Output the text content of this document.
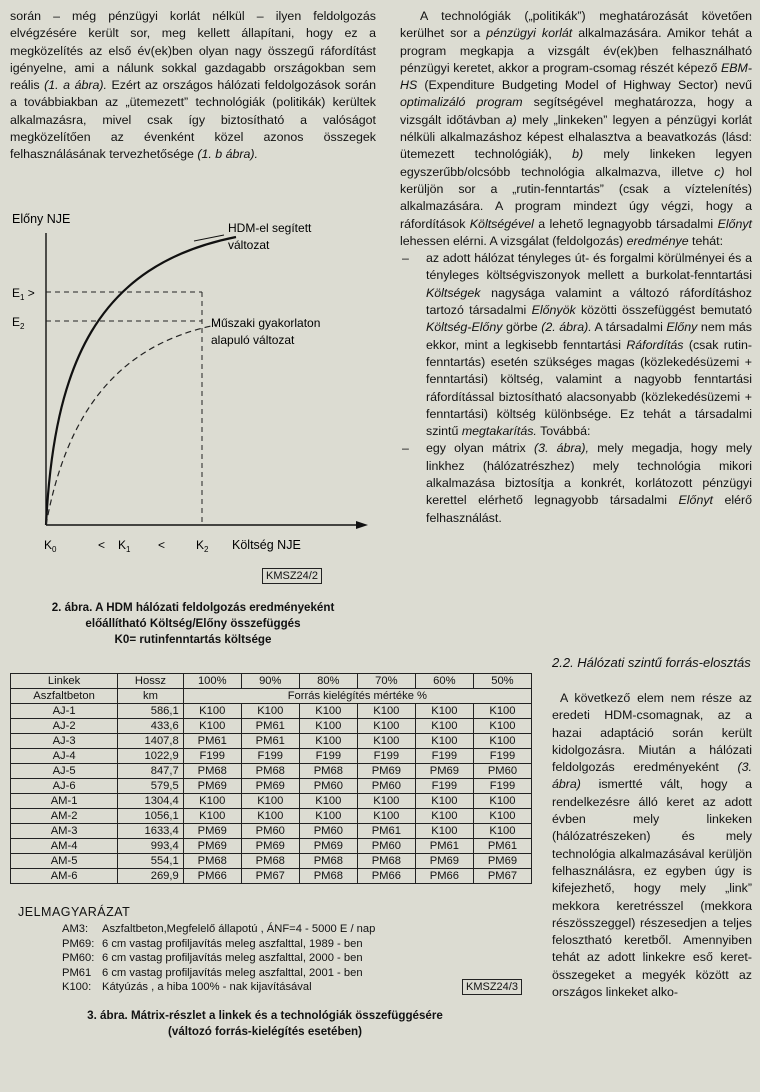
során – még pénzügyi korlát nélkül – ilyen feldolgozás elvégzésére került sor, meg kellett állapítani, hogy ez a megközelítés az első év(ek)ben olyan nagy összegű ráfordítást igényelne, ami a nálunk sokkal gazdagabb országokban sem reális (1. a ábra). Ezért az országos hálózati feldolgozások során a továbbiakban az „ütemezett” technológiák (politikák) kerültek alkalmazásra, mivel csak így biztosítható a valóságot megközelítően az évenként közel azonos összegek felhasználásának tervezhetősége (1. b ábra).

Előny NJE
$E_1$ >
$E_2$
HDM-el segített
változat
Műszaki gyakorlaton
alapuló változat
$K_0$	< $K_1$ <	$K_2$ Költség NJE
KMSZ24/2

2. ábra. A HDM hálózati feldolgozás eredményeként
előállítható Költség/Előny összefüggés
K0= rutinfenntartás költsége

A technológiák („politikák”) meghatározását követően kerülhet sor a pénzügyi korlát alkalmazására. Amikor tehát a program megkapja a vizsgált év(ek)ben felhasználható pénzügyi keretet, akkor a program-csomag részét képező EBM-HS (Expenditure Budgeting Model of Highway Sector) nevű optimalizáló program segítségével meghatározza, hogy a vizsgált időtávban a) mely „linkeken” legyen a pénzügyi korlát nélküli alkalmazáshoz képest elhalasztva a beavatkozás (lásd: ütemezett technológiák), b) mely linkeken legyen egyszerűbb/olcsóbb technológia alkalmazva, illetve c) hol kerüljön sor a „rutin-fenntartás” (csak a víztelenítés) alkalmazására. A program mindezt úgy végzi, hogy a ráfordítások Költségével a lehető legnagyobb társadalmi Előnyt lehessen elérni. A vizsgálat (feldolgozás) eredménye tehát:

– az adott hálózat tényleges út- és forgalmi körülményei és a tényleges költségviszonyok mellett a burkolat-fenntartási Költségek nagysága valamint a változó ráfordításhoz tartozó társadalmi Előnyök közötti összefüggést bemutató Költség-Előny görbe (2. ábra). A társadalmi Előny nem más ekkor, mint a legkisebb fenntartási Ráfordítás (csak rutin-fenntartás) esetén szükséges magas (közlekedésüzemi + fenntartási) költség, valamint a nagyobb fenntartási ráfordítással biztosítható alacsonyabb (közlekedésüzemi + fenntartási) költség különbsége. Ez tehát a társadalmi szintű megtakarítás. Továbbá:
– egy olyan mátrix (3. ábra), mely megadja, hogy mely linkhez (hálózatrészhez) mely technológia mikori alkalmazása biztosítja a konkrét, korlátozott pénzügyi kerettel elérhető legnagyobb társadalmi Előnyt elérő felhasználást.

2.2. Hálózati szintű forrás-elosztás

A következő elem nem része az eredeti HDM-csomagnak, az a hazai adaptáció során került kidolgozásra. Miután a hálózati feldolgozás eredményeként (3. ábra) ismertté vált, hogy a rendelkezésre álló keret az adott évben mely linkeken (hálózatrészeken) és mely technológia alkalmazásával kerüljön felhasználásra, ez egyben úgy is kifejezhető, hogy mely „link” mekkora keretrésszel (mekkora részösszeggel) részesedjen a teljes felosztható keretből. Amennyiben tehát az adott linkekre eső keret-összegeket a megyék között az országos linkeket alko-

Linkek	Hossz	100%	90%	80%	70%	60%	50%
Aszfaltbeton	km	Forrás kielégítés mértéke %					
AJ-1	586,1	K100	K100	K100	K100	K100	K100
AJ-2	433,6	K100	PM61	K100	K100	K100	K100
AJ-3	1407,8	PM61	PM61	K100	K100	K100	K100
AJ-4	1022,9	F199	F199	F199	F199	F199	F199
AJ-5	847,7	PM68	PM68	PM68	PM69	PM69	PM60
AJ-6	579,5	PM69	PM69	PM60	PM60	F199	F199
AM-1	1304,4	K100	K100	K100	K100	K100	K100
AM-2	1056,1	K100	K100	K100	K100	K100	K100
AM-3	1633,4	PM69	PM60	PM60	PM61	K100	K100
AM-4	993,4	PM69	PM69	PM69	PM60	PM61	PM61
AM-5	554,1	PM68	PM68	PM68	PM68	PM69	PM69
AM-6	269,9	PM66	PM67	PM68	PM66	PM66	PM67

JELMAGYARÁZAT

AM3: Aszfaltbeton,Megfelelő állapotú , ÁNF=4 - 5000 E / nap
PM69: 6 cm vastag profiljavítás meleg aszfalttal, 1989 - ben
PM60: 6 cm vastag profiljavítás meleg aszfalttal, 2000 - ben
PM61 6 cm vastag profiljavítás meleg aszfalttal, 2001 - ben
K100: Kátyúzás , a hiba 100% - nak kijavításával	KMSZ24/3

3. ábra. Mátrix-részlet a linkek és a technológiák összefüggésére
(változó forrás-kielégítés esetében)
